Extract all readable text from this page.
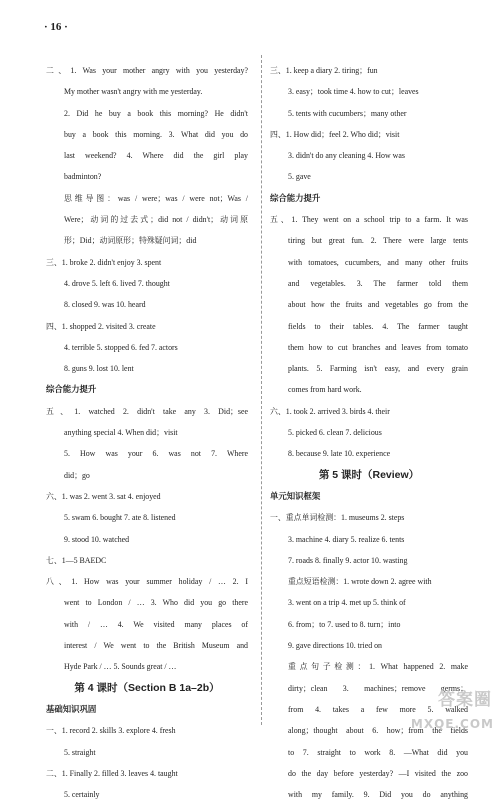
· 16 ·
二、1. Was your mother angry with you yesterday?
My mother wasn't angry with me yesterday.
2. Did he buy a book this morning? He didn't
buy a book this morning. 3. What did you do
last weekend? 4. Where did the girl play
badminton?
思维导图：was / were；was / were not；Was /
Were；动词的过去式；did not / didn't；动词原
形；Did；动词原形；特殊疑问词；did
三、1. broke 2. didn't enjoy 3. spent
4. drove 5. left 6. lived 7. thought
8. closed 9. was 10. heard
四、1. shopped 2. visited 3. create
4. terrible 5. stopped 6. fed 7. actors
8. guns 9. lost 10. lent
综合能力提升
五、1. watched 2. didn't take any 3. Did；see
anything special 4. When did；visit
5. How was your 6. was not 7. Where
did；go
六、1. was 2. went 3. sat 4. enjoyed
5. swam 6. bought 7. ate 8. listened
9. stood 10. watched
七、1—5 BAEDC
八、1. How was your summer holiday / … 2. I
went to London / … 3. Who did you go there
with / … 4. We visited many places of
interest / We went to the British Museum and
Hyde Park / … 5. Sounds great / …
第 4 课时（Section B 1a–2b）
基础知识巩固
一、1. record 2. skills 3. explore 4. fresh
5. straight
二、1. Finally 2. filled 3. leaves 4. taught
5. certainly
三、1. keep a diary 2. tiring；fun
3. easy；took time 4. how to cut；leaves
5. tents with cucumbers；many other
四、1. How did；feel 2. Who did；visit
3. didn't do any cleaning 4. How was
5. gave
综合能力提升
五、1. They went on a school trip to a farm. It was
tiring but great fun. 2. There were large tents
with tomatoes, cucumbers, and many other fruits
and vegetables. 3. The farmer told them
about how the fruits and vegetables go from the
fields to their tables. 4. The farmer taught
them how to cut branches and leaves from tomato
plants. 5. Farming isn't easy, and every grain
comes from hard work.
六、1. took 2. arrived 3. birds 4. their
5. picked 6. clean 7. delicious
8. because 9. late 10. experience
第 5 课时（Review）
单元知识框架
一、重点单词检测：1. museums 2. steps
3. machine 4. diary 5. realize 6. tents
7. roads 8. finally 9. actor 10. wasting
重点短语检测：1. wrote down 2. agree with
3. went on a trip 4. met up 5. think of
6. from；to 7. used to 8. turn；into
9. gave directions 10. tried on
重点句子检测：1. What happened 2. make
dirty；clean 3. machines；remove germs；
from 4. takes a few more 5. walked
along；thought about 6. how；from the fields
to 7. straight to work 8. —What did you
do the day before yesterday? —I visited the zoo
with my family. 9. Did you do anything
答案圈
MXQE.COM
